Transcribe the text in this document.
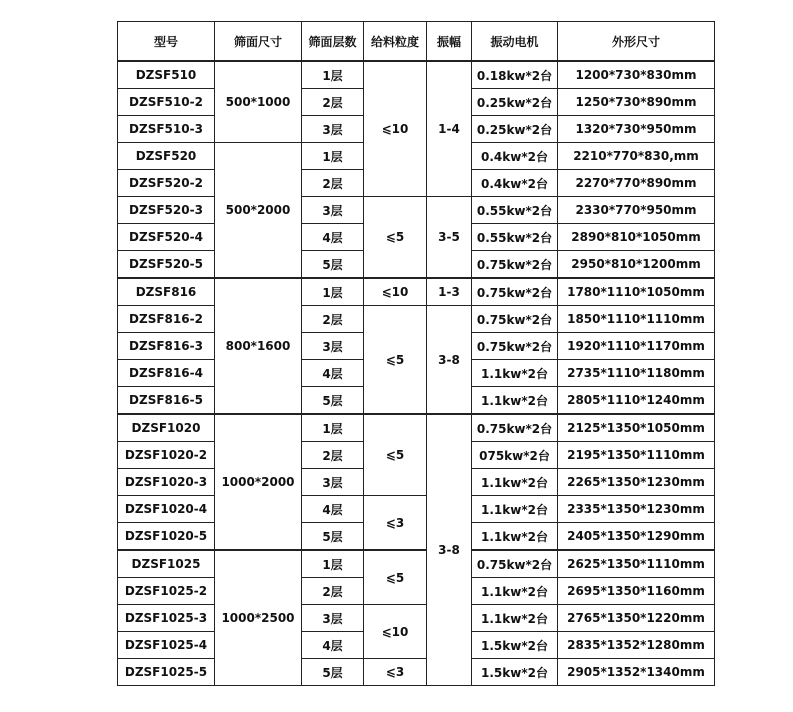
型号	筛面尺寸	筛面层数	给料粒度	振幅	振动电机	外形尺寸
DZSF510	500*1000	1层	⩽10	1-4	0.18kw*2台	1200*730*830mm
DZSF510-2		2层			0.25kw*2台	1250*730*890mm
DZSF510-3		3层			0.25kw*2台	1320*730*950mm
DZSF520	500*2000	1层			0.4kw*2台	2210*770*830,mm
DZSF520-2		2层			0.4kw*2台	2270*770*890mm
DZSF520-3		3层	⩽5	3-5	0.55kw*2台	2330*770*950mm
DZSF520-4		4层			0.55kw*2台	2890*810*1050mm
DZSF520-5		5层			0.75kw*2台	2950*810*1200mm
DZSF816	800*1600	1层	⩽10	1-3	0.75kw*2台	1780*1110*1050mm
DZSF816-2		2层	⩽5	3-8	0.75kw*2台	1850*1110*1110mm
DZSF816-3		3层			0.75kw*2台	1920*1110*1170mm
DZSF816-4		4层			1.1kw*2台	2735*1110*1180mm
DZSF816-5		5层			1.1kw*2台	2805*1110*1240mm
DZSF1020	1000*2000	1层	⩽5	3-8	0.75kw*2台	2125*1350*1050mm
DZSF1020-2		2层			075kw*2台	2195*1350*1110mm
DZSF1020-3		3层			1.1kw*2台	2265*1350*1230mm
DZSF1020-4		4层	⩽3		1.1kw*2台	2335*1350*1230mm
DZSF1020-5		5层			1.1kw*2台	2405*1350*1290mm
DZSF1025	1000*2500	1层	⩽5		0.75kw*2台	2625*1350*1110mm
DZSF1025-2		2层			1.1kw*2台	2695*1350*1160mm
DZSF1025-3		3层	⩽10		1.1kw*2台	2765*1350*1220mm
DZSF1025-4		4层			1.5kw*2台	2835*1352*1280mm
DZSF1025-5		5层	⩽3		1.5kw*2台	2905*1352*1340mm
